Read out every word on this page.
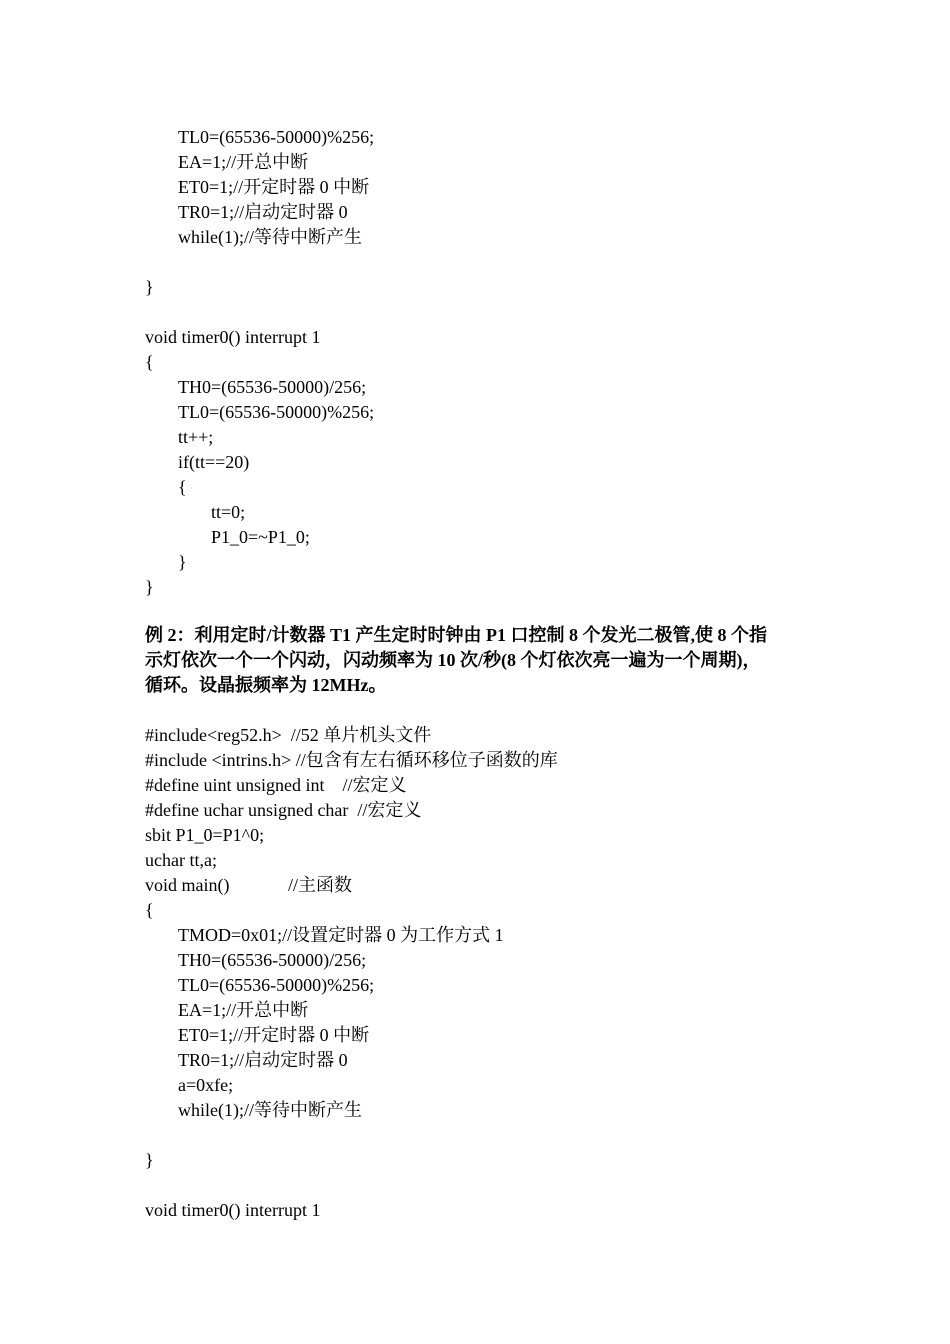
TL0=(65536-50000)%256;
EA=1;//开总中断
ET0=1;//开定时器 0 中断
TR0=1;//启动定时器 0
while(1);//等待中断产生
}
void timer0() interrupt 1
{
TH0=(65536-50000)/256;
TL0=(65536-50000)%256;
tt++;
if(tt==20)
{
tt=0;
P1_0=~P1_0;
}
}
例 2：利用定时/计数器 T1 产生定时时钟由 P1 口控制 8 个发光二极管,使 8 个指
示灯依次一个一个闪动，闪动频率为 10 次/秒(8 个灯依次亮一遍为一个周期)，
循环。设晶振频率为 12MHz。
#include<reg52.h>  //52 单片机头文件
#include <intrins.h> //包含有左右循环移位子函数的库
#define uint unsigned int    //宏定义
#define uchar unsigned char  //宏定义
sbit P1_0=P1^0;
uchar tt,a;
void main()             //主函数
{
TMOD=0x01;//设置定时器 0 为工作方式 1
TH0=(65536-50000)/256;
TL0=(65536-50000)%256;
EA=1;//开总中断
ET0=1;//开定时器 0 中断
TR0=1;//启动定时器 0
a=0xfe;
while(1);//等待中断产生
}
void timer0() interrupt 1
